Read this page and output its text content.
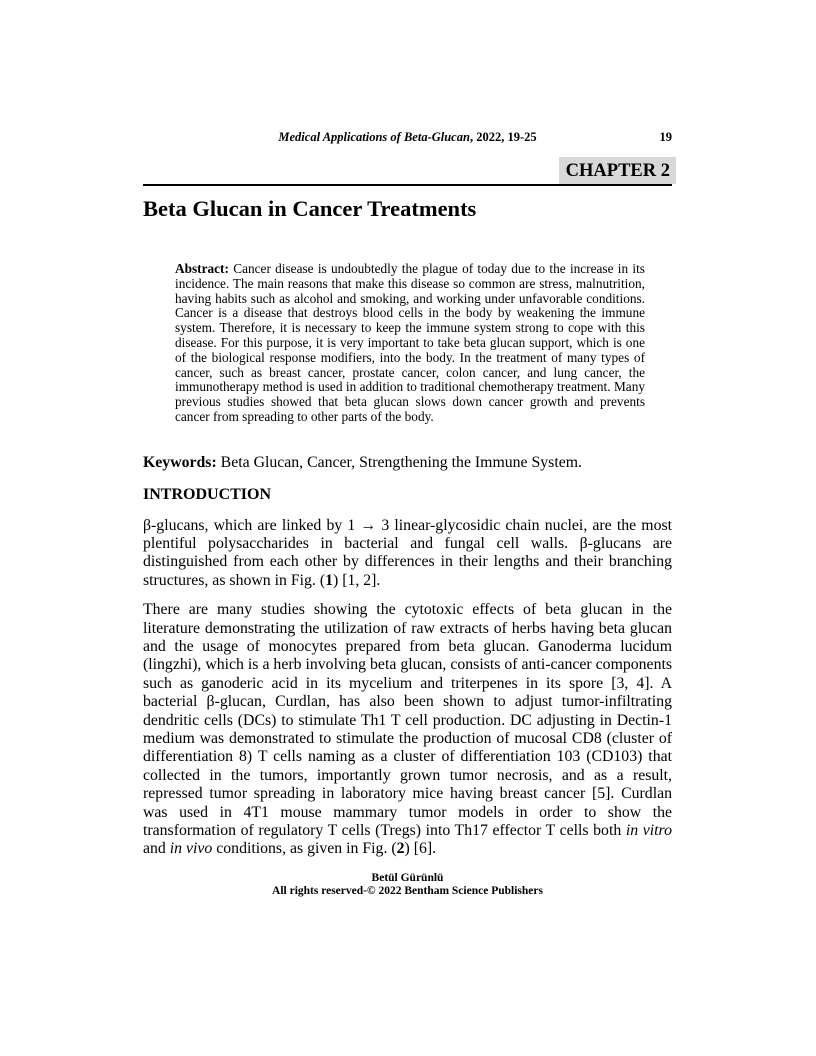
Medical Applications of Beta-Glucan, 2022, 19-25	19
CHAPTER 2
Beta Glucan in Cancer Treatments
Abstract: Cancer disease is undoubtedly the plague of today due to the increase in its incidence. The main reasons that make this disease so common are stress, malnutrition, having habits such as alcohol and smoking, and working under unfavorable conditions. Cancer is a disease that destroys blood cells in the body by weakening the immune system. Therefore, it is necessary to keep the immune system strong to cope with this disease. For this purpose, it is very important to take beta glucan support, which is one of the biological response modifiers, into the body. In the treatment of many types of cancer, such as breast cancer, prostate cancer, colon cancer, and lung cancer, the immunotherapy method is used in addition to traditional chemotherapy treatment. Many previous studies showed that beta glucan slows down cancer growth and prevents cancer from spreading to other parts of the body.

Keywords: Beta Glucan, Cancer, Strengthening the Immune System.

INTRODUCTION

β-glucans, which are linked by 1 → 3 linear-glycosidic chain nuclei, are the most plentiful polysaccharides in bacterial and fungal cell walls. β-glucans are distinguished from each other by differences in their lengths and their branching structures, as shown in Fig. (1) [1, 2].

There are many studies showing the cytotoxic effects of beta glucan in the literature demonstrating the utilization of raw extracts of herbs having beta glucan and the usage of monocytes prepared from beta glucan. Ganoderma lucidum (lingzhi), which is a herb involving beta glucan, consists of anti-cancer components such as ganoderic acid in its mycelium and triterpenes in its spore [3, 4]. A bacterial β-glucan, Curdlan, has also been shown to adjust tumor-infiltrating dendritic cells (DCs) to stimulate Th1 T cell production. DC adjusting in Dectin-1 medium was demonstrated to stimulate the production of mucosal CD8 (cluster of differentiation 8) T cells naming as a cluster of differentiation 103 (CD103) that collected in the tumors, importantly grown tumor necrosis, and as a result, repressed tumor spreading in laboratory mice having breast cancer [5]. Curdlan was used in 4T1 mouse mammary tumor models in order to show the transformation of regulatory T cells (Tregs) into Th17 effector T cells both in vitro and in vivo conditions, as given in Fig. (2) [6].

Betül Gürünlü
All rights reserved-© 2022 Bentham Science Publishers
